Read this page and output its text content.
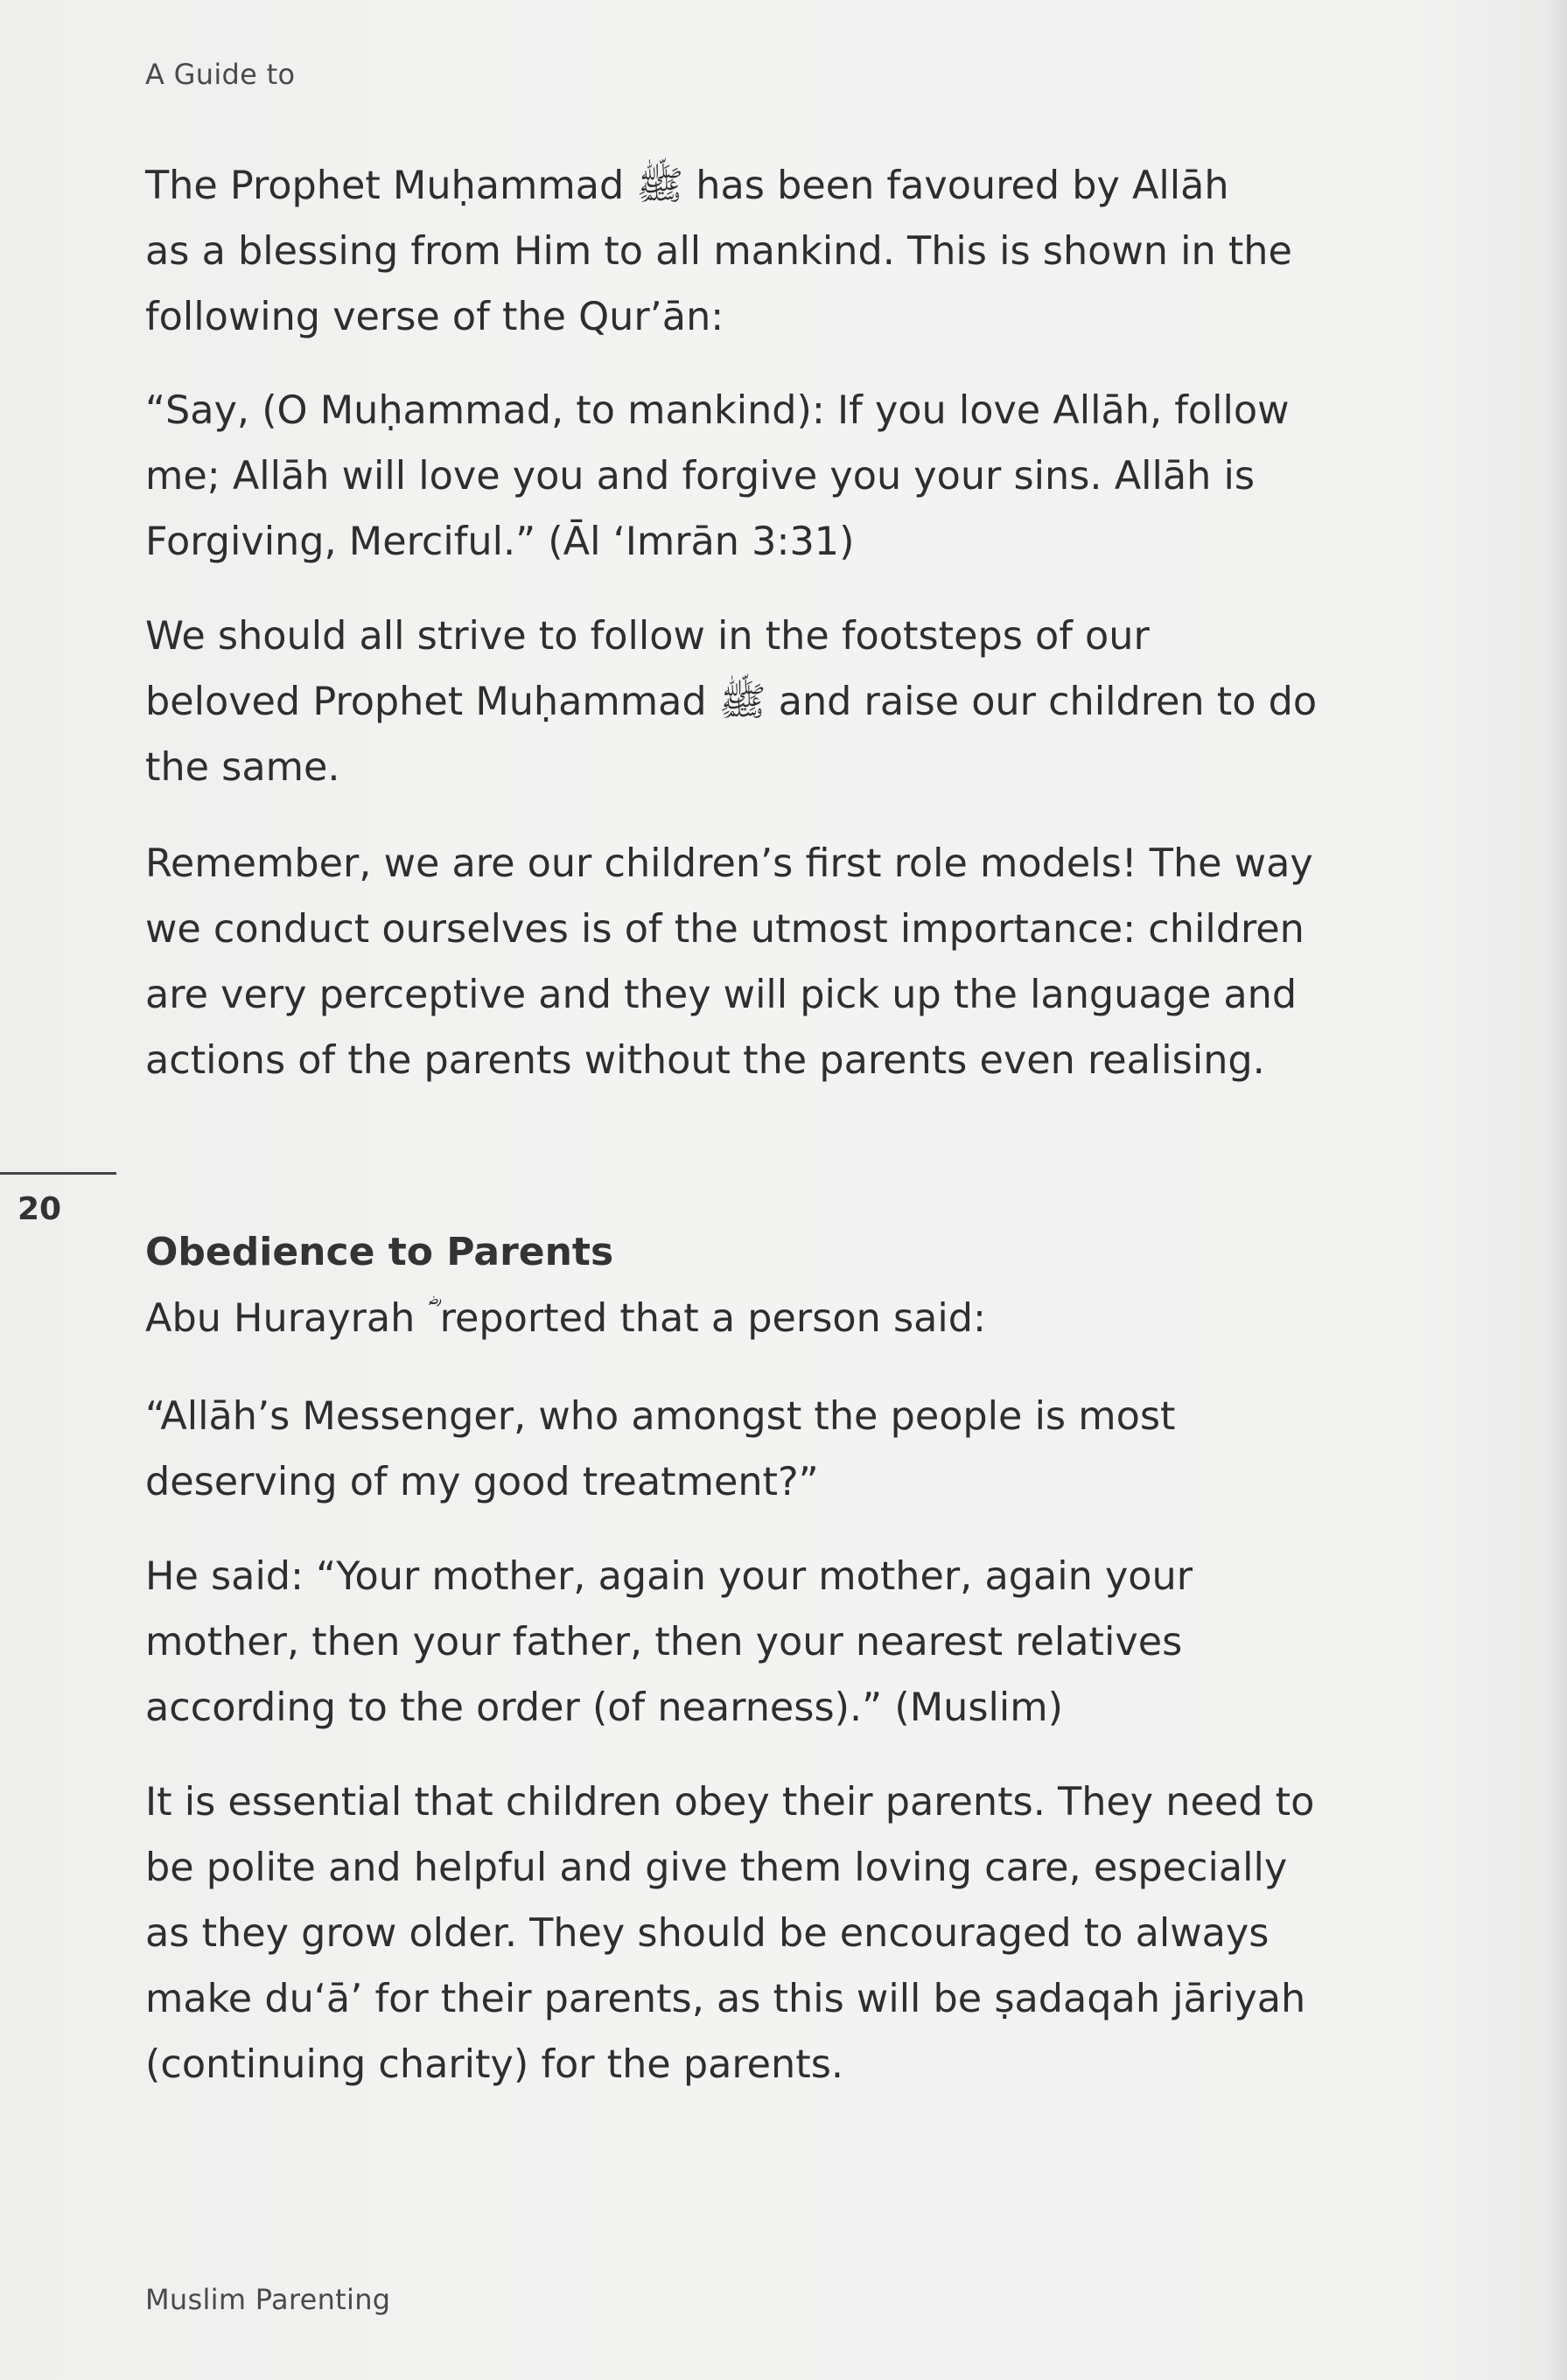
A Guide to

The Prophet Muḥammad ﷺ has been favoured by Allāh
as a blessing from Him to all mankind. This is shown in the
following verse of the Qur’ān:

“Say, (O Muḥammad, to mankind): If you love Allāh, follow
me; Allāh will love you and forgive you your sins. Allāh is
Forgiving, Merciful.” (Āl ‘Imrān 3:31)

We should all strive to follow in the footsteps of our
beloved Prophet Muḥammad ﷺ and raise our children to do
the same.

Remember, we are our children’s first role models! The way
we conduct ourselves is of the utmost importance: children
are very perceptive and they will pick up the language and
actions of the parents without the parents even realising.

20
Obedience to Parents

Abu Hurayrah ؓ reported that a person said:

“Allāh’s Messenger, who amongst the people is most
deserving of my good treatment?”

He said: “Your mother, again your mother, again your
mother, then your father, then your nearest relatives
according to the order (of nearness).” (Muslim)

It is essential that children obey their parents. They need to
be polite and helpful and give them loving care, especially
as they grow older. They should be encouraged to always
make du‘ā’ for their parents, as this will be ṣadaqah jāriyah
(continuing charity) for the parents.

Muslim Parenting
